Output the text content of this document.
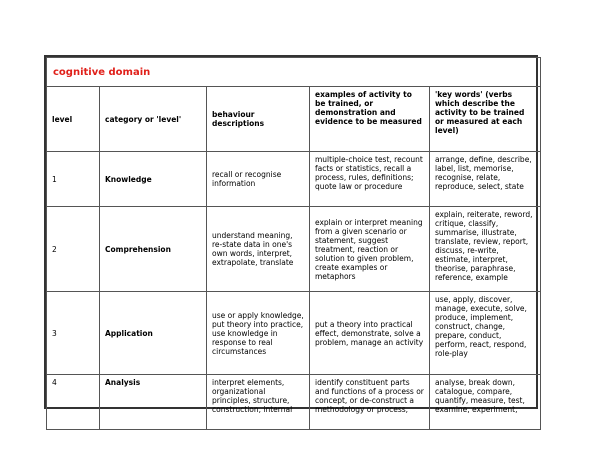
cognitive domain				
level	category or 'level'	behaviour descriptions	examples of activity to be trained, or demonstration and evidence to be measured	'key words' (verbs which describe the activity to be trained or measured at each level)
1	Knowledge	recall or recognise information	multiple-choice test, recount facts or statistics, recall a process, rules, definitions; quote law or procedure	arrange, define, describe, label, list, memorise, recognise, relate, reproduce, select, state
2	Comprehension	understand meaning, re-state data in one's own words, interpret, extrapolate, translate	explain or interpret meaning from a given scenario or statement, suggest treatment, reaction or solution to given problem, create examples or metaphors	explain, reiterate, reword, critique, classify, summarise, illustrate, translate, review, report, discuss, re-write, estimate, interpret, theorise, paraphrase, reference, example
3	Application	use or apply knowledge, put theory into practice, use knowledge in response to real circumstances	put a theory into practical effect, demonstrate, solve a problem, manage an activity	use, apply, discover, manage, execute, solve, produce, implement, construct, change, prepare, conduct, perform, react, respond, role-play
4	Analysis	interpret elements, organizational principles, structure, construction, internal	identify constituent parts and functions of a process or concept, or de-construct a methodology or process,	analyse, break down, catalogue, compare, quantify, measure, test, examine, experiment,
